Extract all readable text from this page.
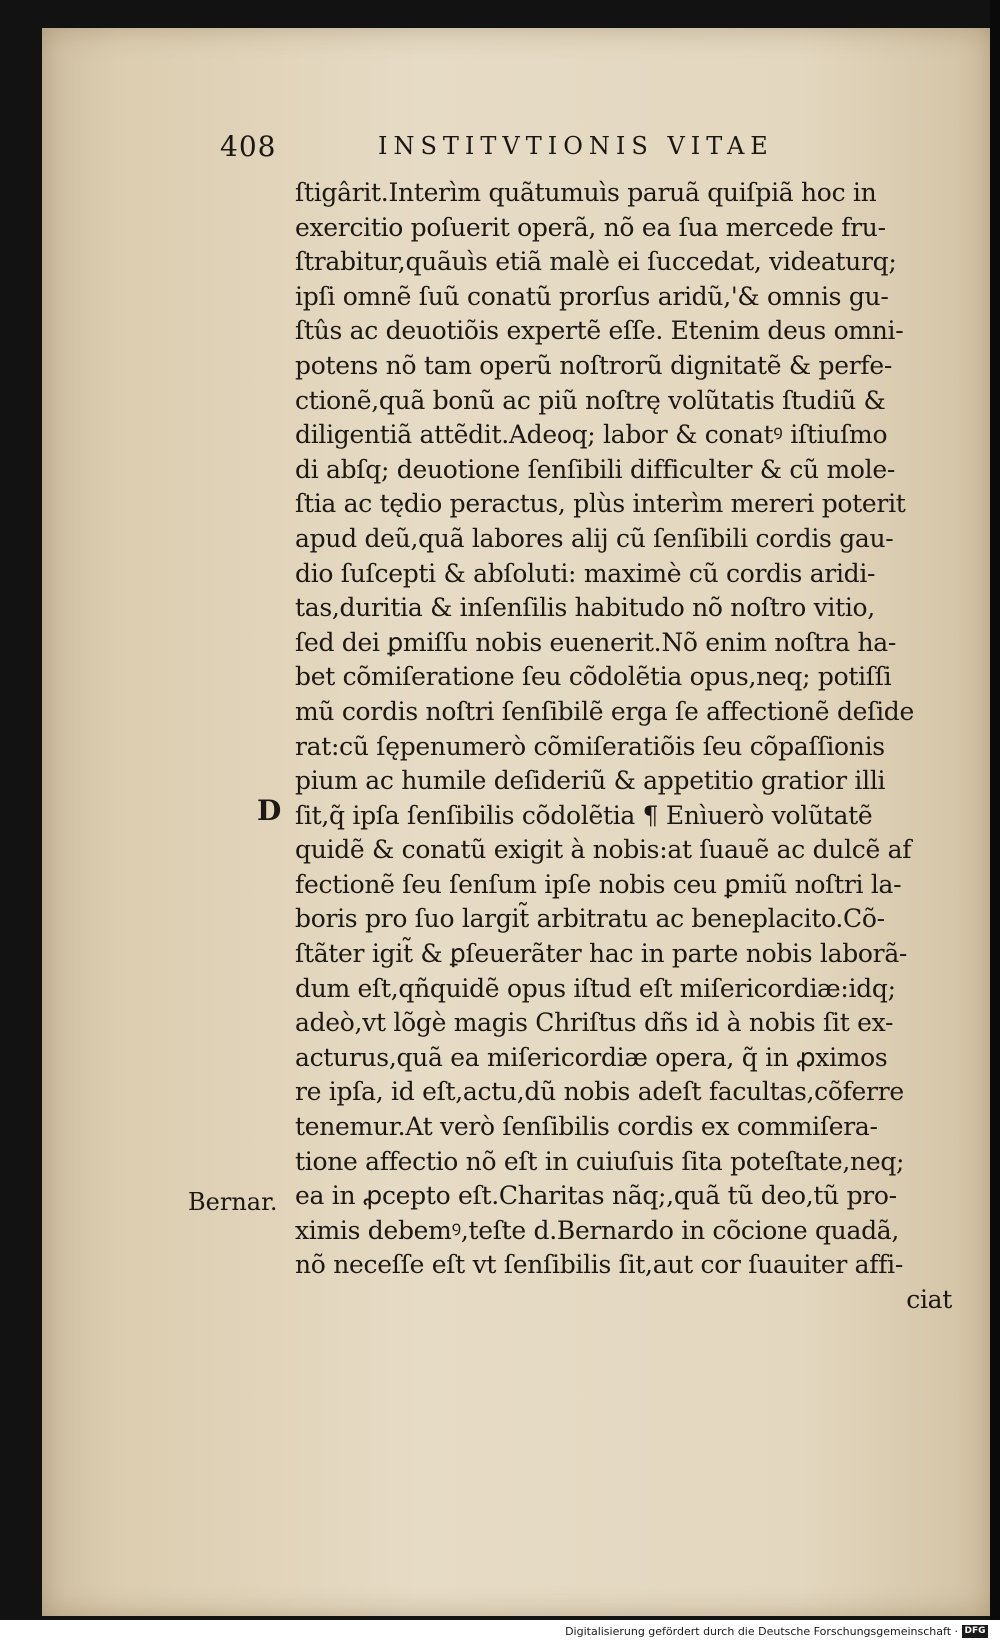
408	INSTITVTIONIS VITAE
D
Bernar.
ſtigârit.Interìm quãtumuìs paruã quiſpiã hoc in
exercitio poſuerit operã, nõ ea ſua mercede fru-
ſtrabitur,quãuìs etiã malè ei ſuccedat, videaturq;
ipſi omnẽ ſuũ conatũ prorſus aridũ,'& omnis gu-
ſtûs ac deuotiõis expertẽ eſſe. Etenim deus omni-
potens nõ tam operũ noſtrorũ dignitatẽ & perfe-
ctionẽ,quã bonũ ac piũ noſtrę volũtatis ſtudiũ &
diligentiã attẽdit.Adeoq; labor & conatꝰ iſtiuſmo
di abſq; deuotione ſenſibili difficulter & cũ mole-
ſtia ac tędio peractus, plùs interìm mereri poterit
apud deũ,quã labores alij cũ ſenſibili cordis gau-
dio ſuſcepti & abſoluti: maximè cũ cordis aridi-
tas,duritia & inſenſilis habitudo nõ noſtro vitio,
ſed dei ꝑmiſſu nobis euenerit.Nõ enim noſtra ha-
bet cõmiſeratione ſeu cõdolẽtia opus,neq; potiſſi
mũ cordis noſtri ſenſibilẽ erga ſe affectionẽ deſide
rat:cũ ſępenumerò cõmiſeratiõis ſeu cõpaſſionis
pium ac humile deſideriũ & appetitio gratior illi
ſit,q̃ ipſa ſenſibilis cõdolẽtia ¶ Enìuerò volũtatẽ
quidẽ & conatũ exigit à nobis:at ſuauẽ ac dulcẽ af
fectionẽ ſeu ſenſum ipſe nobis ceu ꝑmiũ noſtri la-
boris pro ſuo largit̃ arbitratu ac beneplacito.Cõ-
ſtãter igit̃ & ꝑſeuerãter hac in parte nobis laborã-
dum eſt,qñquidẽ opus iſtud eſt miſericordiæ:idq;
adeò,vt lõgè magis Chriſtus dñs id à nobis ſit ex-
acturus,quã ea miſericordiæ opera, q̃ in ꝓximos
re ipſa, id eſt,actu,dũ nobis adeſt facultas,cõferre
tenemur.At verò ſenſibilis cordis ex commiſera-
tione affectio nõ eſt in cuiuſuis ſita poteſtate,neq;
ea in ꝓcepto eſt.Charitas nãq;,quã tũ deo,tũ pro-
ximis debemꝰ,teſte d.Bernardo in cõcione quadã,
nõ neceſſe eſt vt ſenſibilis ſit,aut cor ſuauiter affi-
ciat
Digitalisierung gefördert durch die Deutsche Forschungsgemeinschaft · DFG
